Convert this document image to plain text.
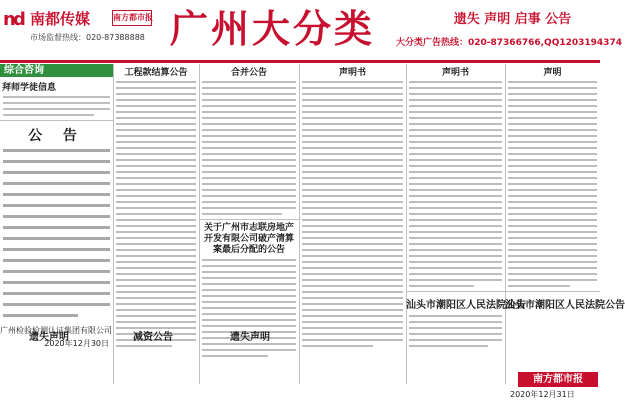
n
d 南都传媒	南方都市报
市场监督热线：020-87388888 广州大分类	遗失 声明 启事 公告
大分类广告热线：020-87366766,QQ1203194374
综合咨询
拜师学徒信息
公 告
广州检验检测认证集团有限公司
2020年12月30日
工程款结算公告	合并公告
关于广州市志联房地产开发有限公司破产清算案最后分配的公告
声明书	声明书
汕头市潮阳区人民法院公告
声明
汕头市潮阳区人民法院公告
遗失声明	减资公告	遗失声明
南方都市报
2020年12月31日
